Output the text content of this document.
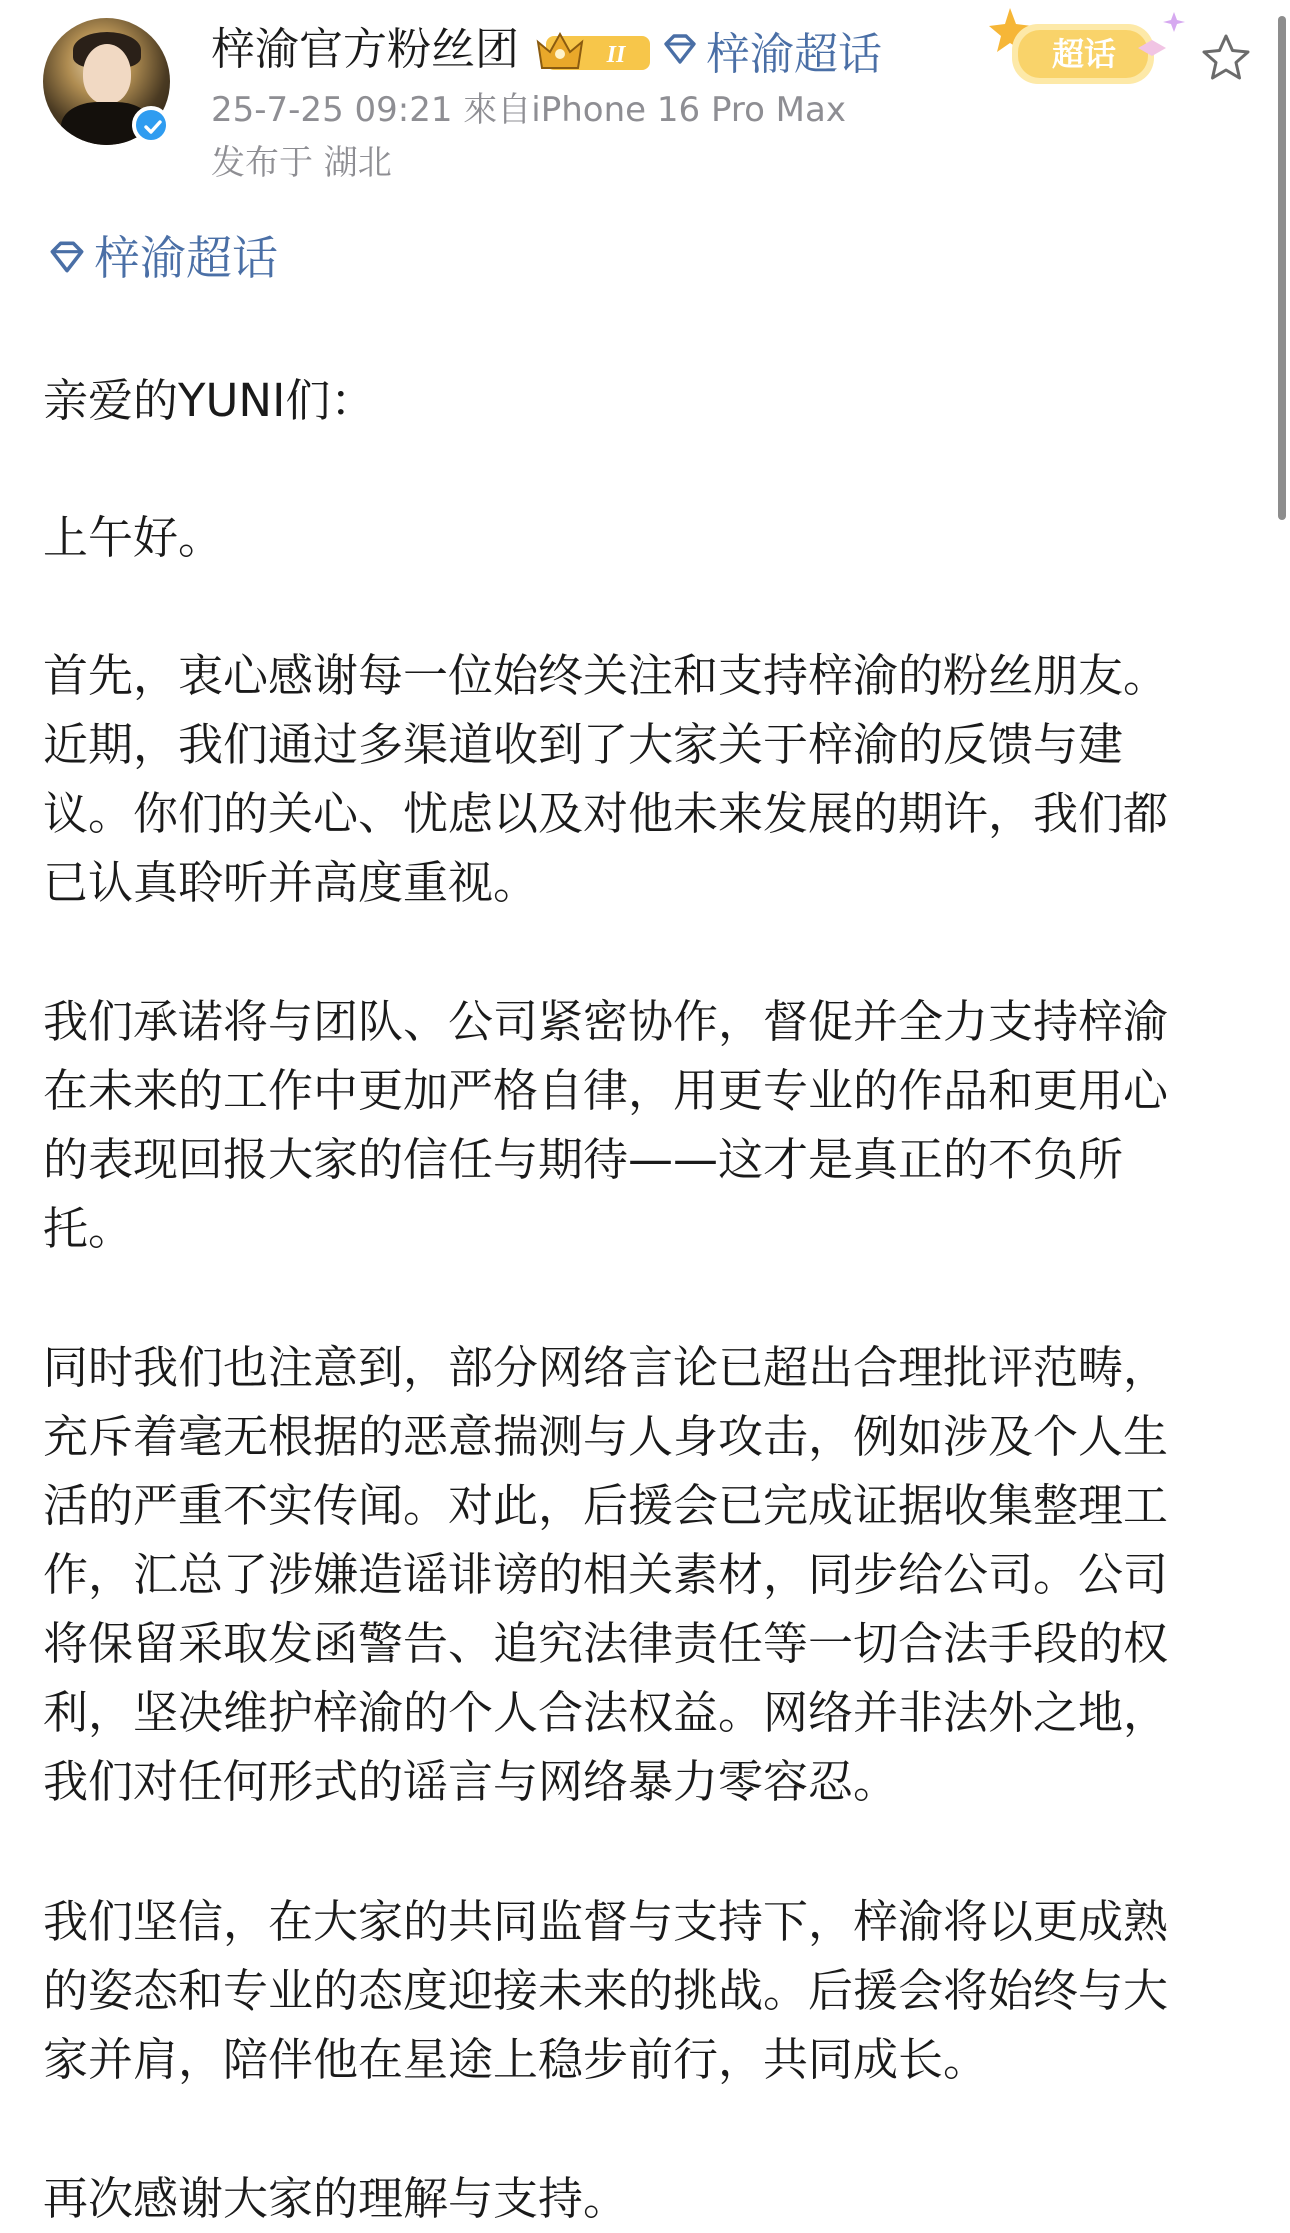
梓渝官方粉丝团	II 梓渝超话
25-7-25 09:21 來自iPhone 16 Pro Max
发布于 湖北
超话
梓渝超话
亲爱的YUNI们：
上午好。
首先，衷心感谢每一位始终关注和支持梓渝的粉丝朋友。
近期，我们通过多渠道收到了大家关于梓渝的反馈与建
议。你们的关心、忧虑以及对他未来发展的期许，我们都
已认真聆听并高度重视。
我们承诺将与团队、公司紧密协作，督促并全力支持梓渝
在未来的工作中更加严格自律，用更专业的作品和更用心
的表现回报大家的信任与期待——这才是真正的不负所
托。
同时我们也注意到，部分网络言论已超出合理批评范畴，
充斥着毫无根据的恶意揣测与人身攻击，例如涉及个人生
活的严重不实传闻。对此，后援会已完成证据收集整理工
作，汇总了涉嫌造谣诽谤的相关素材，同步给公司。公司
将保留采取发函警告、追究法律责任等一切合法手段的权
利，坚决维护梓渝的个人合法权益。网络并非法外之地，
我们对任何形式的谣言与网络暴力零容忍。
我们坚信，在大家的共同监督与支持下，梓渝将以更成熟
的姿态和专业的态度迎接未来的挑战。后援会将始终与大
家并肩，陪伴他在星途上稳步前行，共同成长。
再次感谢大家的理解与支持。
